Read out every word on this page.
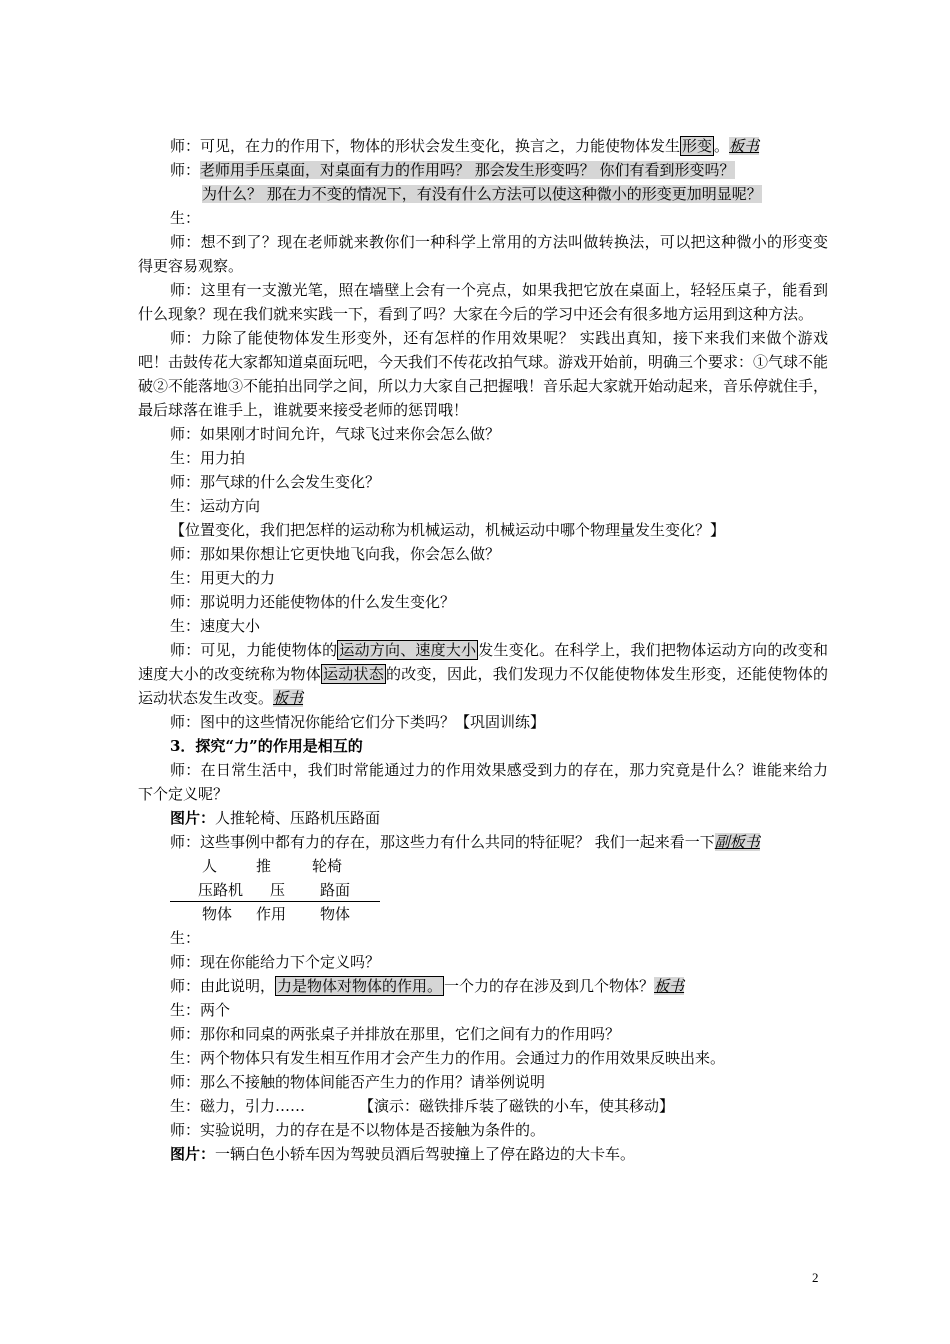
师：可见，在力的作用下，物体的形状会发生变化，换言之，力能使物体发生 形变 。板书

师：老师用手压桌面，对桌面有力的作用吗？ 那会发生形变吗？ 你们有看到形变吗？

为什么？ 那在力不变的情况下，有没有什么方法可以使这种微小的形变更加明显呢？

生：

师：想不到了？现在老师就来教你们一种科学上常用的方法叫做转换法，可以把这种微小的形变变得更容易观察。

师：这里有一支激光笔，照在墙壁上会有一个亮点，如果我把它放在桌面上，轻轻压桌子，能看到什么现象？现在我们就来实践一下，看到了吗？大家在今后的学习中还会有很多地方运用到这种方法。

师：力除了能使物体发生形变外，还有怎样的作用效果呢？ 实践出真知，接下来我们来做个游戏吧！击鼓传花大家都知道桌面玩吧，今天我们不传花改拍气球。游戏开始前，明确三个要求：①气球不能破②不能落地③不能拍出同学之间，所以力大家自己把握哦！音乐起大家就开始动起来，音乐停就住手，最后球落在谁手上，谁就要来接受老师的惩罚哦！

师：如果刚才时间允许，气球飞过来你会怎么做？

生：用力拍

师：那气球的什么会发生变化？

生：运动方向

【位置变化，我们把怎样的运动称为机械运动，机械运动中哪个物理量发生变化？】

师：那如果你想让它更快地飞向我，你会怎么做？

生：用更大的力

师：那说明力还能使物体的什么发生变化？

生：速度大小

师：可见，力能使物体的 运动方向、速度大小 发生变化。在科学上，我们把物体运动方向的改变和速度大小的改变统称为物体 运动状态 的改变，因此，我们发现力不仅能使物体发生形变，还能使物体的运动状态发生改变。板书

师：图中的这些情况你能给它们分下类吗？【巩固训练】

3．探究“力”的作用是相互的

师：在日常生活中，我们时常能通过力的作用效果感受到力的存在，那力究竟是什么？谁能来给力下个定义呢？

图片：人推轮椅、压路机压路面

师：这些事例中都有力的存在，那这些力有什么共同的特征呢？ 我们一起来看一下副板书

人	推	轮椅
压路机 压 路面
物体 作用 物体

生：

师：现在你能给力下个定义吗？

师：由此说明， 力是物体对物体的作用。 一个力的存在涉及到几个物体？板书

生：两个

师：那你和同桌的两张桌子并排放在那里，它们之间有力的作用吗？

生：两个物体只有发生相互作用才会产生力的作用。会通过力的作用效果反映出来。

师：那么不接触的物体间能否产生力的作用？请举例说明

生：磁力，引力……	【演示：磁铁排斥装了磁铁的小车，使其移动】

师：实验说明，力的存在是不以物体是否接触为条件的。

图片：一辆白色小轿车因为驾驶员酒后驾驶撞上了停在路边的大卡车。

2
